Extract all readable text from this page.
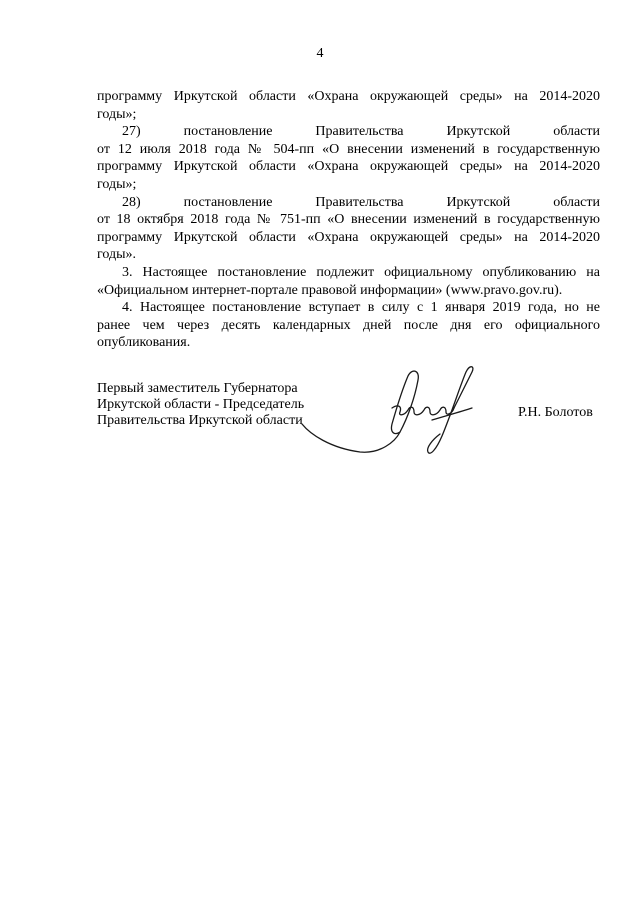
4

программу Иркутской области «Охрана окружающей среды» на 2014-2020
годы»;

27) постановление Правительства Иркутской области
от 12 июля 2018 года № 504-пп «О внесении изменений в государственную
программу Иркутской области «Охрана окружающей среды» на 2014-2020
годы»;

28) постановление Правительства Иркутской области
от 18 октября 2018 года № 751-пп «О внесении изменений в государственную
программу Иркутской области «Охрана окружающей среды» на 2014-2020
годы».

3. Настоящее постановление подлежит официальному опубликованию на
«Официальном интернет-портале правовой информации» (www.pravo.gov.ru).

4. Настоящее постановление вступает в силу с 1 января 2019 года, но не
ранее чем через десять календарных дней после дня его официального
опубликования.

Первый заместитель Губернатора
Иркутской области - Председатель
Правительства Иркутской области
Р.Н. Болотов
